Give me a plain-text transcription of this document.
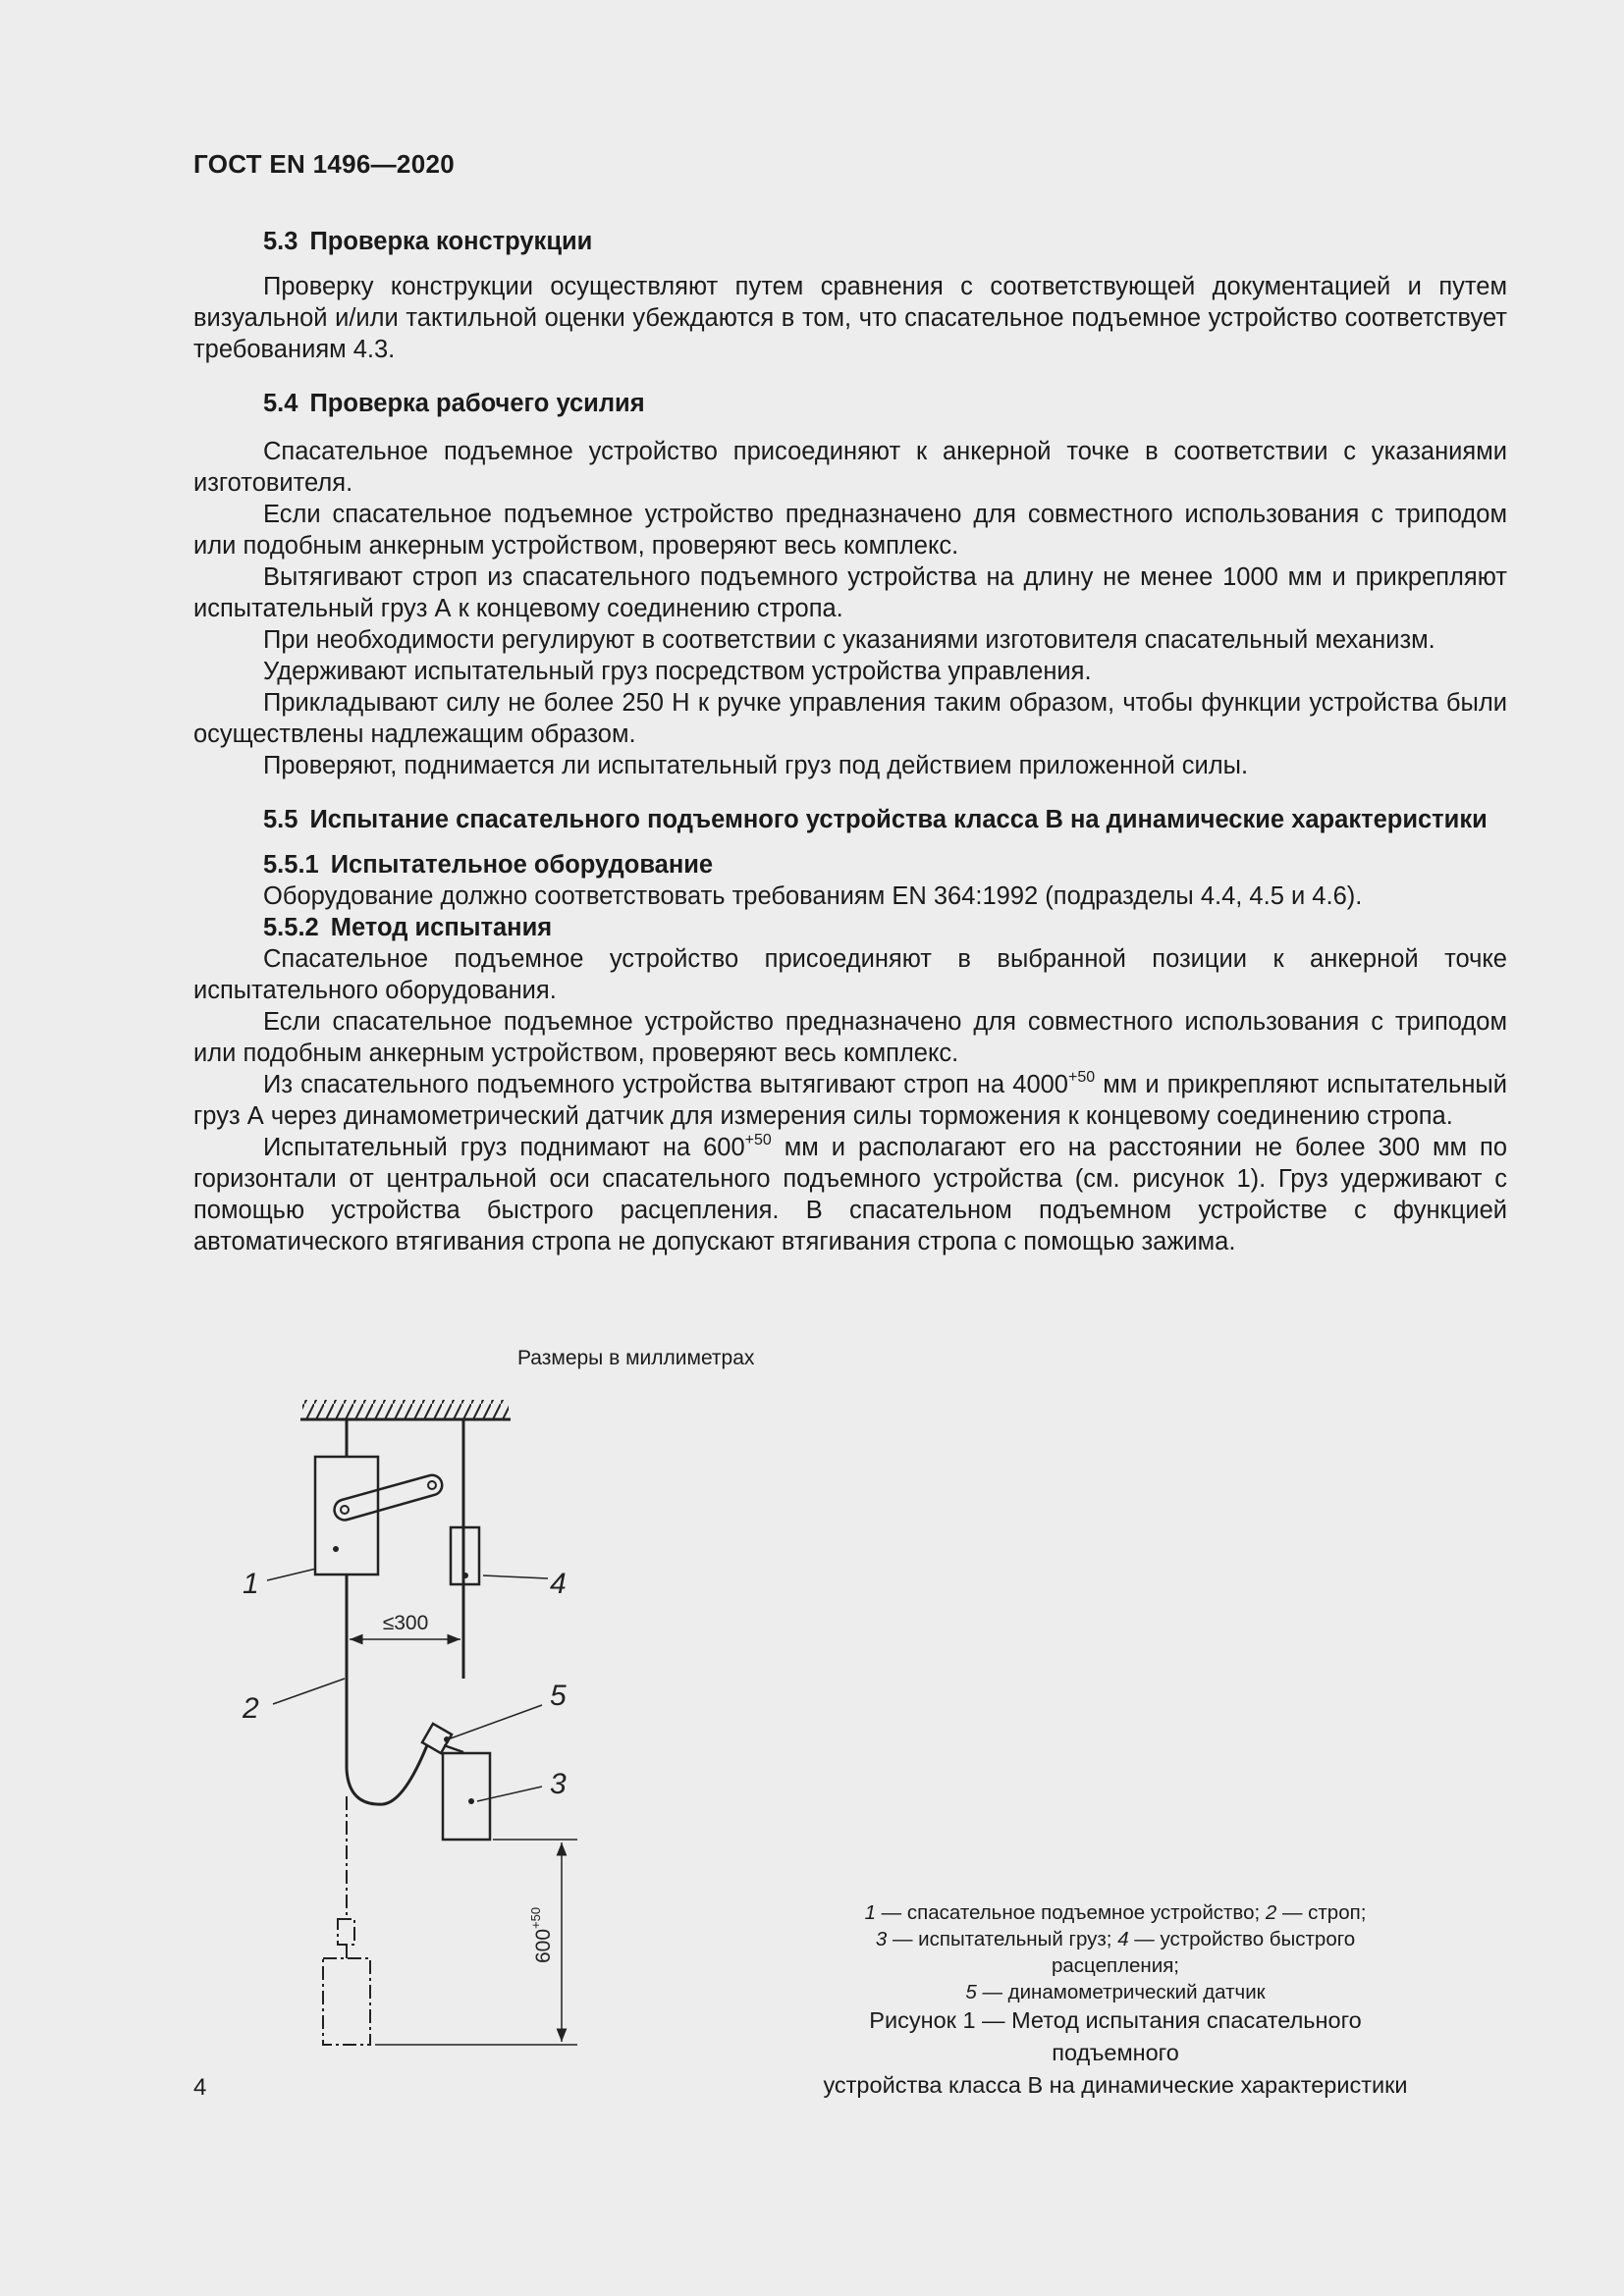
ГОСТ EN 1496—2020
5.3 Проверка конструкции

Проверку конструкции осуществляют путем сравнения с соответствующей документацией и путем визуальной и/или тактильной оценки убеждаются в том, что спасательное подъемное устройство соответствует требованиям 4.3.

5.4 Проверка рабочего усилия

Спасательное подъемное устройство присоединяют к анкерной точке в соответствии с указаниями изготовителя.

Если спасательное подъемное устройство предназначено для совместного использования с триподом или подобным анкерным устройством, проверяют весь комплекс.

Вытягивают строп из спасательного подъемного устройства на длину не менее 1000 мм и прикрепляют испытательный груз А к концевому соединению стропа.

При необходимости регулируют в соответствии с указаниями изготовителя спасательный механизм.

Удерживают испытательный груз посредством устройства управления.

Прикладывают силу не более 250 Н к ручке управления таким образом, чтобы функции устройства были осуществлены надлежащим образом.

Проверяют, поднимается ли испытательный груз под действием приложенной силы.

5.5 Испытание спасательного подъемного устройства класса В на динамические характеристики
5.5.1 Испытательное оборудование

Оборудование должно соответствовать требованиям EN 364:1992 (подразделы 4.4, 4.5 и 4.6).

5.5.2 Метод испытания

Спасательное подъемное устройство присоединяют в выбранной позиции к анкерной точке испытательного оборудования.

Если спасательное подъемное устройство предназначено для совместного использования с триподом или подобным анкерным устройством, проверяют весь комплекс.

Из спасательного подъемного устройства вытягивают строп на $4000^{+50}$ мм и прикрепляют испытательный груз А через динамометрический датчик для измерения силы торможения к концевому соединению стропа.

Испытательный груз поднимают на $600^{+50}$ мм и располагают его на расстоянии не более 300 мм по горизонтали от центральной оси спасательного подъемного устройства (см. рисунок 1). Груз удерживают с помощью устройства быстрого расцепления. В спасательном подъемном устройстве с функцией автоматического втягивания стропа не допускают втягивания стропа с помощью зажима.

Размеры в миллиметрах
≤300
$600^{+50}$
1	4
2	5
3
1 — спасательное подъемное устройство; 2 — строп;
3 — испытательный груз; 4 — устройство быстрого расцепления;
5 — динамометрический датчик
Рисунок 1 — Метод испытания спасательного подъемного
устройства класса В на динамические характеристики
4
